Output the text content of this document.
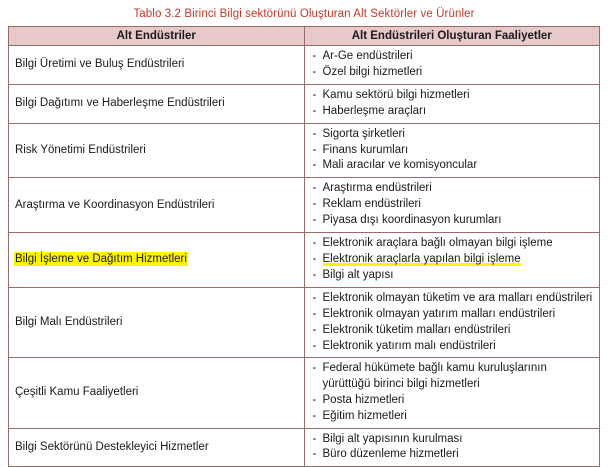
Tablo 3.2 Birinci Bilgi sektörünü Oluşturan Alt Sektörler ve Ürünler
Alt Endüstriler	Alt Endüstrileri Oluşturan Faaliyetler
Bilgi Üretimi ve Buluş Endüstrileri	
- Ar-Ge endüstrileri
- Özel bilgi hizmetleri

Bilgi Dağıtımı ve Haberleşme Endüstrileri	
- Kamu sektörü bilgi hizmetleri
- Haberleşme araçları

Risk Yönetimi Endüstrileri	
- Sigorta şirketleri
- Finans kurumları
- Mali aracılar ve komisyoncular

Araştırma ve Koordinasyon Endüstrileri	
- Araştırma endüstrileri
- Reklam endüstrileri
- Piyasa dışı koordinasyon kurumları

Bilgi İşleme ve Dağıtım Hizmetleri	
- Elektronik araçlara bağlı olmayan bilgi işleme
- Elektronik araçlarla yapılan bilgi işleme
- Bilgi alt yapısı

Bilgi Malı Endüstrileri	
- Elektronik olmayan tüketim ve ara malları endüstrileri
- Elektronik olmayan yatırım malları endüstrileri
- Elektronik tüketim malları endüstrileri
- Elektronik yatırım malı endüstrileri

Çeşitli Kamu Faaliyetleri	
- Federal hükümete bağlı kamu kuruluşlarının yürüttüğü birinci bilgi hizmetleri
- Posta hizmetleri
- Eğitim hizmetleri

Bilgi Sektörünü Destekleyici Hizmetler	
- Bilgi alt yapısının kurulması
- Büro düzenleme hizmetleri
